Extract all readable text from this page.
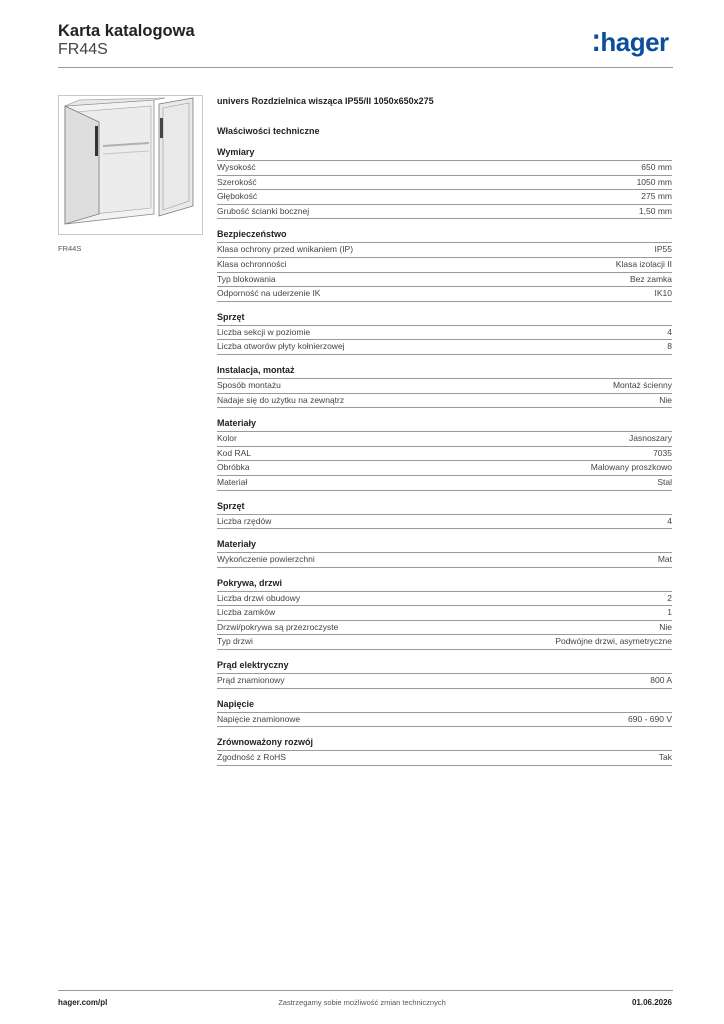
Karta katalogowa
FR44S	⁚hager
FR44S
univers Rozdzielnica wisząca IP55/II 1050x650x275
Właściwości techniczne
Wymiary
Wysokość	650 mm
Szerokość	1050 mm
Głębokość	275 mm
Grubość ścianki bocznej	1,50 mm
Bezpieczeństwo
Klasa ochrony przed wnikaniem (IP)	IP55
Klasa ochronności	Klasa izolacji II
Typ blokowania	Bez zamka
Odporność na uderzenie IK	IK10
Sprzęt
Liczba sekcji w poziomie	4
Liczba otworów płyty kołnierzowej	8
Instalacja, montaż
Sposób montażu	Montaż ścienny
Nadaje się do użytku na zewnątrz	Nie
Materiały
Kolor	Jasnoszary
Kod RAL	7035
Obróbka	Malowany proszkowo
Materiał	Stal
Sprzęt
Liczba rzędów	4
Materiały
Wykończenie powierzchni	Mat
Pokrywa, drzwi
Liczba drzwi obudowy	2
Liczba zamków	1
Drzwi/pokrywa są przezroczyste	Nie
Typ drzwi	Podwójne drzwi, asymetryczne
Prąd elektryczny
Prąd znamionowy	800 A
Napięcie
Napięcie znamionowe	690 - 690 V
Zrównoważony rozwój
Zgodność z RoHS	Tak
hager.com/pl	Zastrzegamy sobie możliwość zmian technicznych	01.06.2026
